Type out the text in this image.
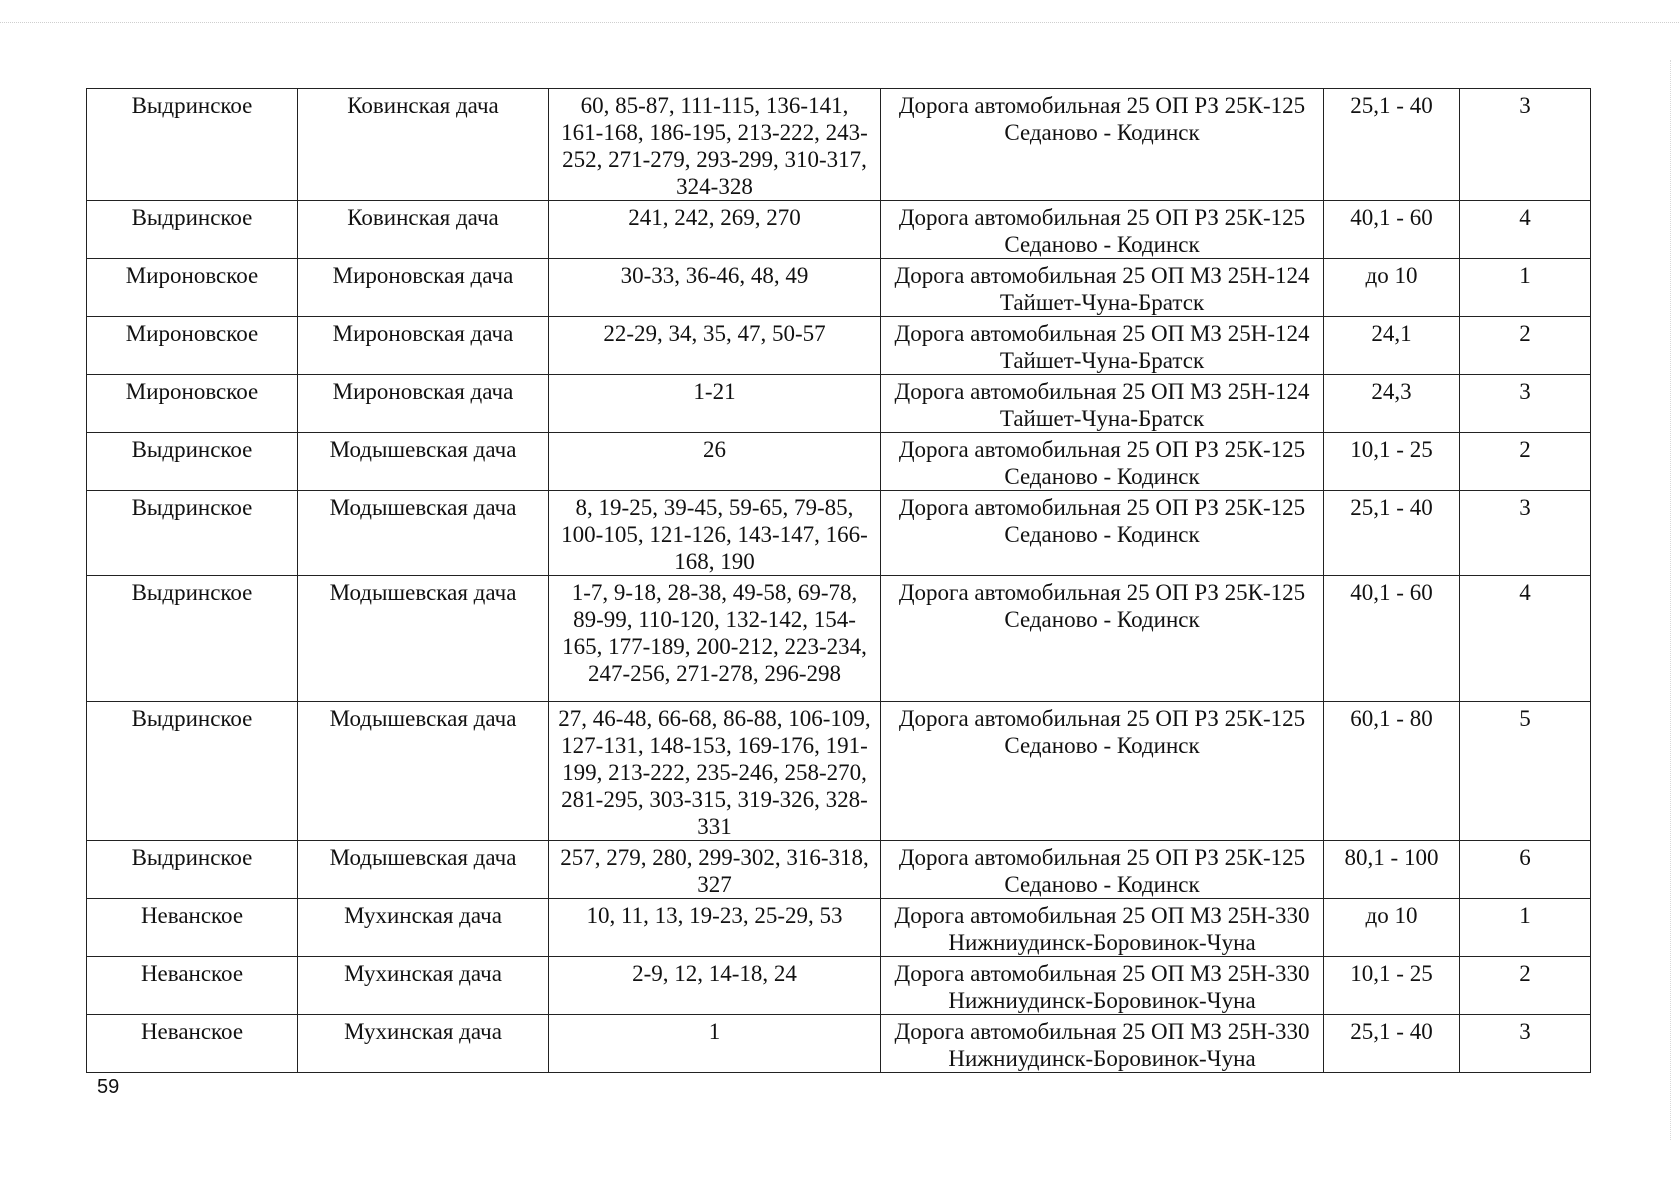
Выдринское	Ковинская дача	60, 85-87, 111-115, 136-141, 161-168, 186-195, 213-222, 243-252, 271-279, 293-299, 310-317, 324-328	Дорога автомобильная 25 ОП РЗ 25К-125 Седаново - Кодинск	25,1 - 40	3
Выдринское	Ковинская дача	241, 242, 269, 270	Дорога автомобильная 25 ОП РЗ 25К-125 Седаново - Кодинск	40,1 - 60	4
Мироновское	Мироновская дача	30-33, 36-46, 48, 49	Дорога автомобильная 25 ОП МЗ 25Н-124 Тайшет-Чуна-Братск	до 10	1
Мироновское	Мироновская дача	22-29, 34, 35, 47, 50-57	Дорога автомобильная 25 ОП МЗ 25Н-124 Тайшет-Чуна-Братск	24,1	2
Мироновское	Мироновская дача	1-21	Дорога автомобильная 25 ОП МЗ 25Н-124 Тайшет-Чуна-Братск	24,3	3
Выдринское	Модышевская дача	26	Дорога автомобильная 25 ОП РЗ 25К-125 Седаново - Кодинск	10,1 - 25	2
Выдринское	Модышевская дача	8, 19-25, 39-45, 59-65, 79-85, 100-105, 121-126, 143-147, 166-168, 190	Дорога автомобильная 25 ОП РЗ 25К-125 Седаново - Кодинск	25,1 - 40	3
Выдринское	Модышевская дача	1-7, 9-18, 28-38, 49-58, 69-78, 89-99, 110-120, 132-142, 154-165, 177-189, 200-212, 223-234, 247-256, 271-278, 296-298	Дорога автомобильная 25 ОП РЗ 25К-125 Седаново - Кодинск	40,1 - 60	4
Выдринское	Модышевская дача	27, 46-48, 66-68, 86-88, 106-109, 127-131, 148-153, 169-176, 191-199, 213-222, 235-246, 258-270, 281-295, 303-315, 319-326, 328-331	Дорога автомобильная 25 ОП РЗ 25К-125 Седаново - Кодинск	60,1 - 80	5
Выдринское	Модышевская дача	257, 279, 280, 299-302, 316-318, 327	Дорога автомобильная 25 ОП РЗ 25К-125 Седаново - Кодинск	80,1 - 100	6
Неванское	Мухинская дача	10, 11, 13, 19-23, 25-29, 53	Дорога автомобильная 25 ОП МЗ 25Н-330 Нижниудинск-Боровинок-Чуна	до 10	1
Неванское	Мухинская дача	2-9, 12, 14-18, 24	Дорога автомобильная 25 ОП МЗ 25Н-330 Нижниудинск-Боровинок-Чуна	10,1 - 25	2
Неванское	Мухинская дача	1	Дорога автомобильная 25 ОП МЗ 25Н-330 Нижниудинск-Боровинок-Чуна	25,1 - 40	3
59
